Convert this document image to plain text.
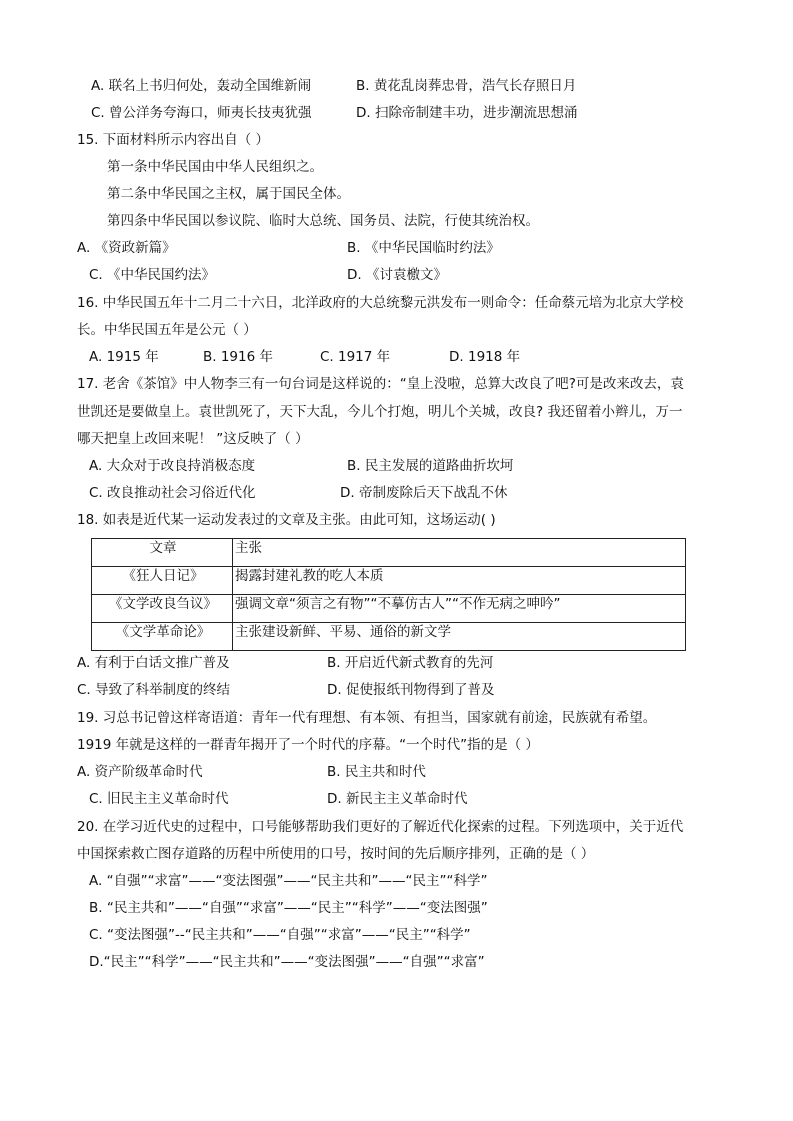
A. 联名上书归何处，轰动全国维新闹	B. 黄花乱岗葬忠骨，浩气长存照日月
C. 曾公洋务夸海口，师夷长技夷犹强	D. 扫除帝制建丰功，进步潮流思想涌
15. 下面材料所示内容出自（ ）
第一条中华民国由中华人民组织之。
第二条中华民国之主权，属于国民全体。
第四条中华民国以参议院、临时大总统、国务员、法院，行使其统治权。
A. 《资政新篇》	B. 《中华民国临时约法》
C. 《中华民国约法》	D. 《讨袁檄文》
16. 中华民国五年十二月二十六日，北洋政府的大总统黎元洪发布一则命令：任命蔡元培为北京大学校
长。中华民国五年是公元（ ）
A. 1915 年	B. 1916 年	C. 1917 年	D. 1918 年
17. 老舍《茶馆》中人物李三有一句台词是这样说的：“皇上没啦，总算大改良了吧?可是改来改去，袁
世凯还是要做皇上。袁世凯死了，天下大乱，今儿个打炮，明儿个关城，改良? 我还留着小辫儿，万一
哪天把皇上改回来呢！ ”这反映了（ ）
A. 大众对于改良持消极态度	B. 民主发展的道路曲折坎坷
C. 改良推动社会习俗近代化	D. 帝制废除后天下战乱不休
18. 如表是近代某一运动发表过的文章及主张。由此可知，这场运动( )
文章	主张
《狂人日记》	揭露封建礼教的吃人本质
《文学改良刍议》	强调文章“须言之有物”“不摹仿古人”“不作无病之呻吟”
《文学革命论》	主张建设新鲜、平易、通俗的新文学
A. 有利于白话文推广普及	B. 开启近代新式教育的先河
C. 导致了科举制度的终结	D. 促使报纸刊物得到了普及
19. 习总书记曾这样寄语道：青年一代有理想、有本领、有担当，国家就有前途，民族就有希望。
1919 年就是这样的一群青年揭开了一个时代的序幕。“一个时代”指的是（ ）
A. 资产阶级革命时代	B. 民主共和时代
C. 旧民主主义革命时代	D. 新民主主义革命时代
20. 在学习近代史的过程中，口号能够帮助我们更好的了解近代化探索的过程。下列选项中，关于近代
中国探索救亡图存道路的历程中所使用的口号，按时间的先后顺序排列，正确的是（ ）
A. “自强”“求富”——“变法图强”——“民主共和”——“民主”“科学”
B. “民主共和”——“自强”“求富”——“民主”“科学”——“变法图强”
C. “变法图强”--“民主共和”——“自强”“求富”——“民主”“科学”
D.“民主”“科学”——“民主共和”——“变法图强”——“自强”“求富”
